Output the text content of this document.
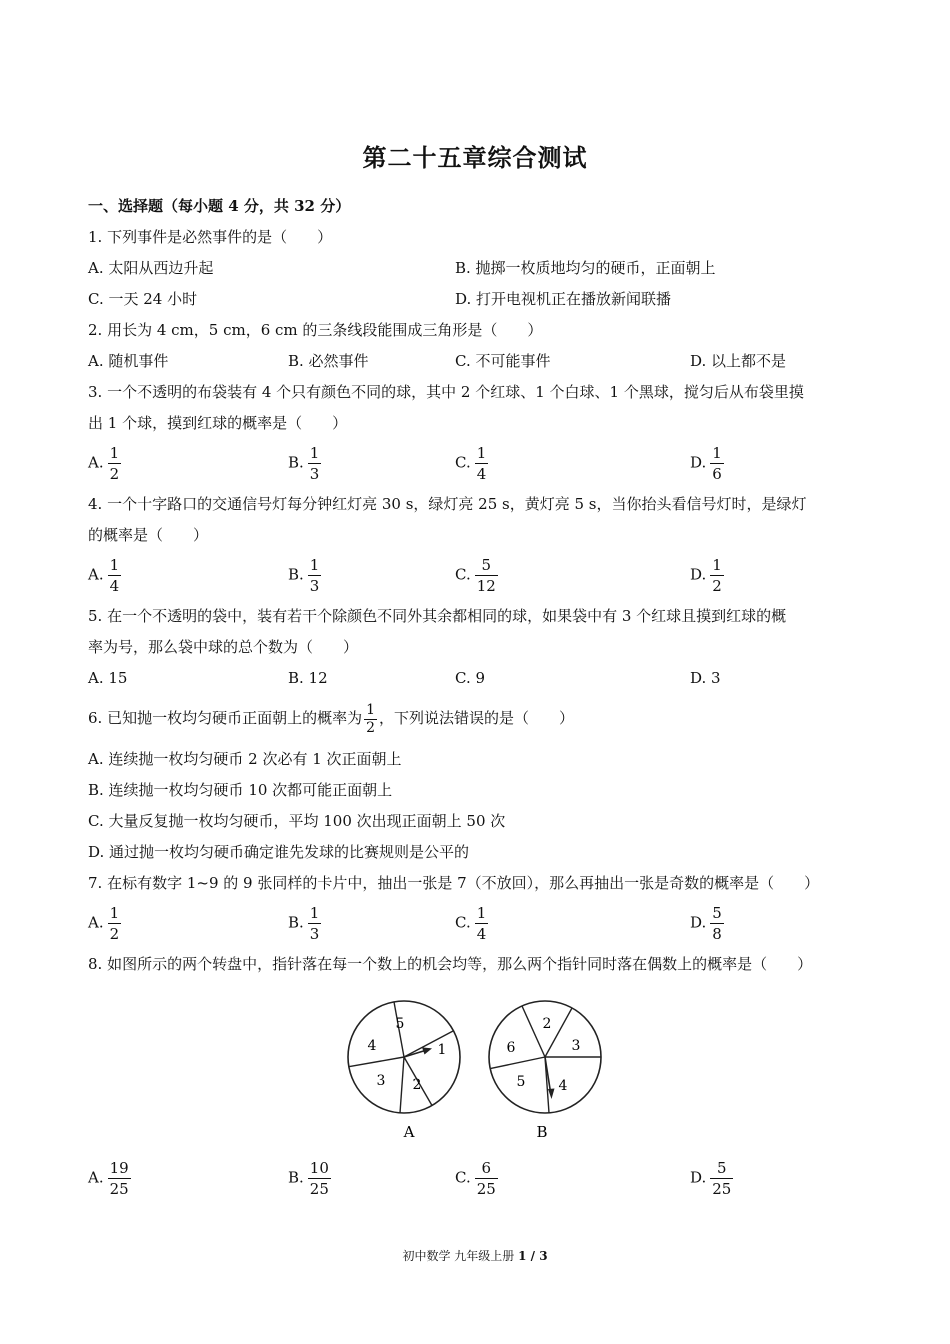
第二十五章综合测试
一、选择题（每小题 4 分，共 32 分）
1. 下列事件是必然事件的是（　　）
A. 太阳从西边升起	B. 抛掷一枚质地均匀的硬币，正面朝上
C. 一天 24 小时	D. 打开电视机正在播放新闻联播
2. 用长为 4 cm，5 cm，6 cm 的三条线段能围成三角形是（　　）
A. 随机事件	B. 必然事件	C. 不可能事件	D. 以上都不是
3. 一个不透明的布袋装有 4 个只有颜色不同的球，其中 2 个红球、1 个白球、1 个黑球，搅匀后从布袋里摸
出 1 个球，摸到红球的概率是（　　）
A. $\frac{1}{2}$	B. $\frac{1}{3}$	C. $\frac{1}{4}$	D. $\frac{1}{6}$
4. 一个十字路口的交通信号灯每分钟红灯亮 30 s，绿灯亮 25 s，黄灯亮 5 s，当你抬头看信号灯时，是绿灯
的概率是（　　）
A. $\frac{1}{4}$	B. $\frac{1}{3}$	C. $\frac{5}{12}$	D. $\frac{1}{2}$
5. 在一个不透明的袋中，装有若干个除颜色不同外其余都相同的球，如果袋中有 3 个红球且摸到红球的概
率为号，那么袋中球的总个数为（　　）
A. 15	B. 12	C. 9	D. 3
6. 已知抛一枚均匀硬币正面朝上的概率为 $\frac{1}{2}$ ，下列说法错误的是（　　）
A. 连续抛一枚均匀硬币 2 次必有 1 次正面朝上
B. 连续抛一枚均匀硬币 10 次都可能正面朝上
C. 大量反复抛一枚均匀硬币，平均 100 次出现正面朝上 50 次
D. 通过抛一枚均匀硬币确定谁先发球的比赛规则是公平的
7. 在标有数字 1~9 的 9 张同样的卡片中，抽出一张是 7（不放回），那么再抽出一张是奇数的概率是（　　）
A. $\frac{1}{2}$	B. $\frac{1}{3}$	C. $\frac{1}{4}$	D. $\frac{5}{8}$
8. 如图所示的两个转盘中，指针落在每一个数上的机会均等，那么两个指针同时落在偶数上的概率是（　　）
5
1
2
3
4
A
2
3
4
5
6
B
A. $\frac{19}{25}$	B. $\frac{10}{25}$	C. $\frac{6}{25}$	D. $\frac{5}{25}$
初中数学 九年级上册 1 / 3
